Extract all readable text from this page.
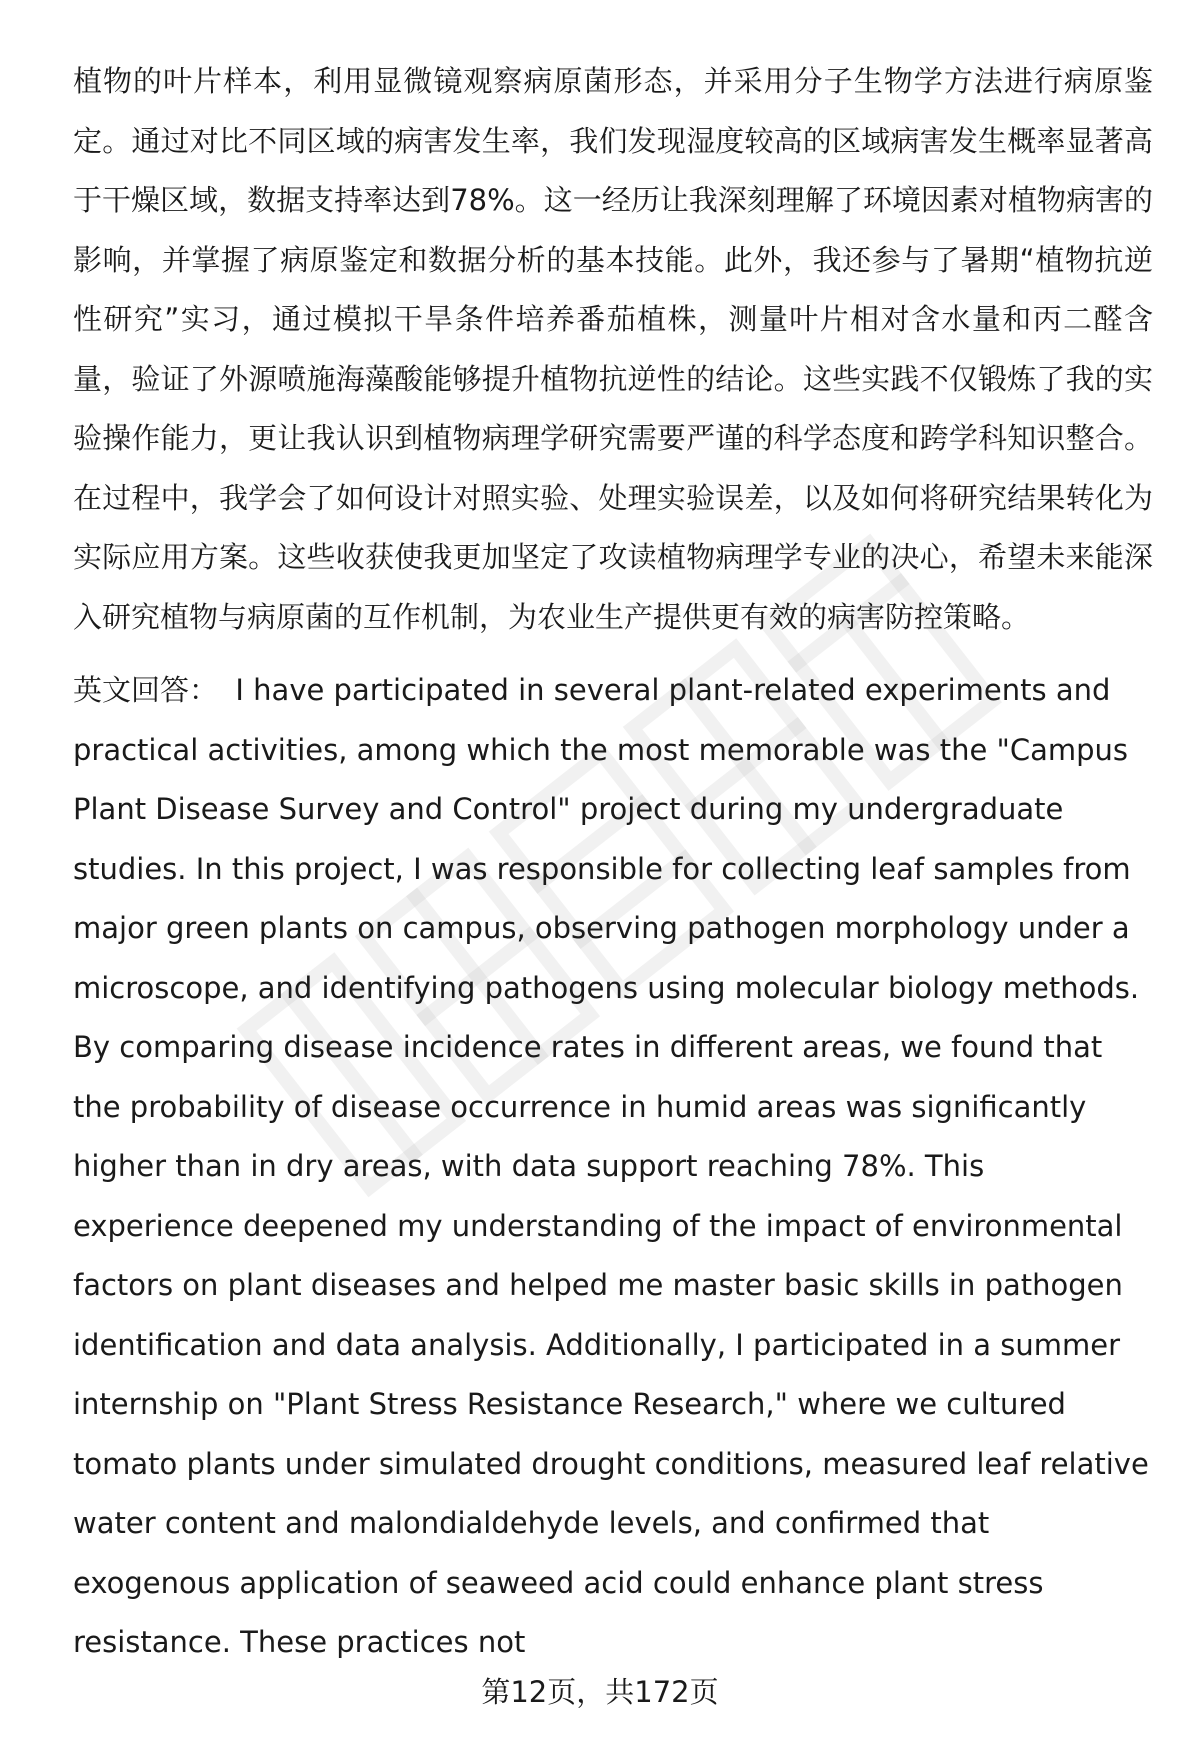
植物的叶片样本，利用显微镜观察病原菌形态，并采用分子生物学方法进行病原鉴定。通过对比不同区域的病害发生率，我们发现湿度较高的区域病害发生概率显著高于干燥区域，数据支持率达到78%。这一经历让我深刻理解了环境因素对植物病害的影响，并掌握了病原鉴定和数据分析的基本技能。此外，我还参与了暑期“植物抗逆性研究”实习，通过模拟干旱条件培养番茄植株，测量叶片相对含水量和丙二醛含量，验证了外源喷施海藻酸能够提升植物抗逆性的结论。这些实践不仅锻炼了我的实验操作能力，更让我认识到植物病理学研究需要严谨的科学态度和跨学科知识整合。在过程中，我学会了如何设计对照实验、处理实验误差，以及如何将研究结果转化为实际应用方案。这些收获使我更加坚定了攻读植物病理学专业的决心，希望未来能深入研究植物与病原菌的互作机制，为农业生产提供更有效的病害防控策略。

英文回答： I have participated in several plant-related experiments and practical activities, among which the most memorable was the "Campus Plant Disease Survey and Control" project during my undergraduate studies. In this project, I was responsible for collecting leaf samples from major green plants on campus, observing pathogen morphology under a microscope, and identifying pathogens using molecular biology methods. By comparing disease incidence rates in different areas, we found that the probability of disease occurrence in humid areas was significantly higher than in dry areas, with data support reaching 78%. This experience deepened my understanding of the impact of environmental factors on plant diseases and helped me master basic skills in pathogen identification and data analysis. Additionally, I participated in a summer internship on "Plant Stress Resistance Research," where we cultured tomato plants under simulated drought conditions, measured leaf relative water content and malondialdehyde levels, and confirmed that exogenous application of seaweed acid could enhance plant stress resistance. These practices not

第12页，共172页
